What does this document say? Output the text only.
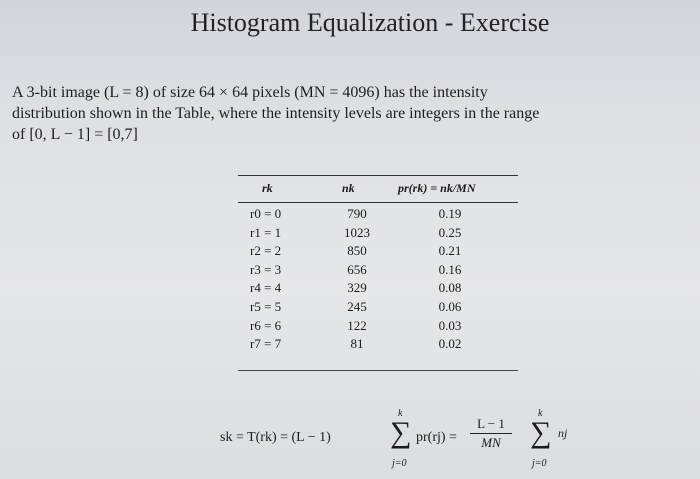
Histogram Equalization - Exercise

A 3-bit image (L = 8) of size 64 × 64 pixels (MN = 4096) has the intensity

distribution shown in the Table, where the intensity levels are integers in the range

of [0, L − 1] = [0,7]

rk	nk	pr(rk) = nk/MN
r0 = 0	790	0.19
r1 = 1	1023	0.25
r2 = 2	850	0.21
r3 = 3	656	0.16
r4 = 4	329	0.08
r5 = 5	245	0.06
r6 = 6	122	0.03
r7 = 7	81	0.02
sk = T(rk) = (L − 1)
k
∑
j=0
$pr(rj) = \frac{L - 1}{MN}$
k
∑
j=0
nj
